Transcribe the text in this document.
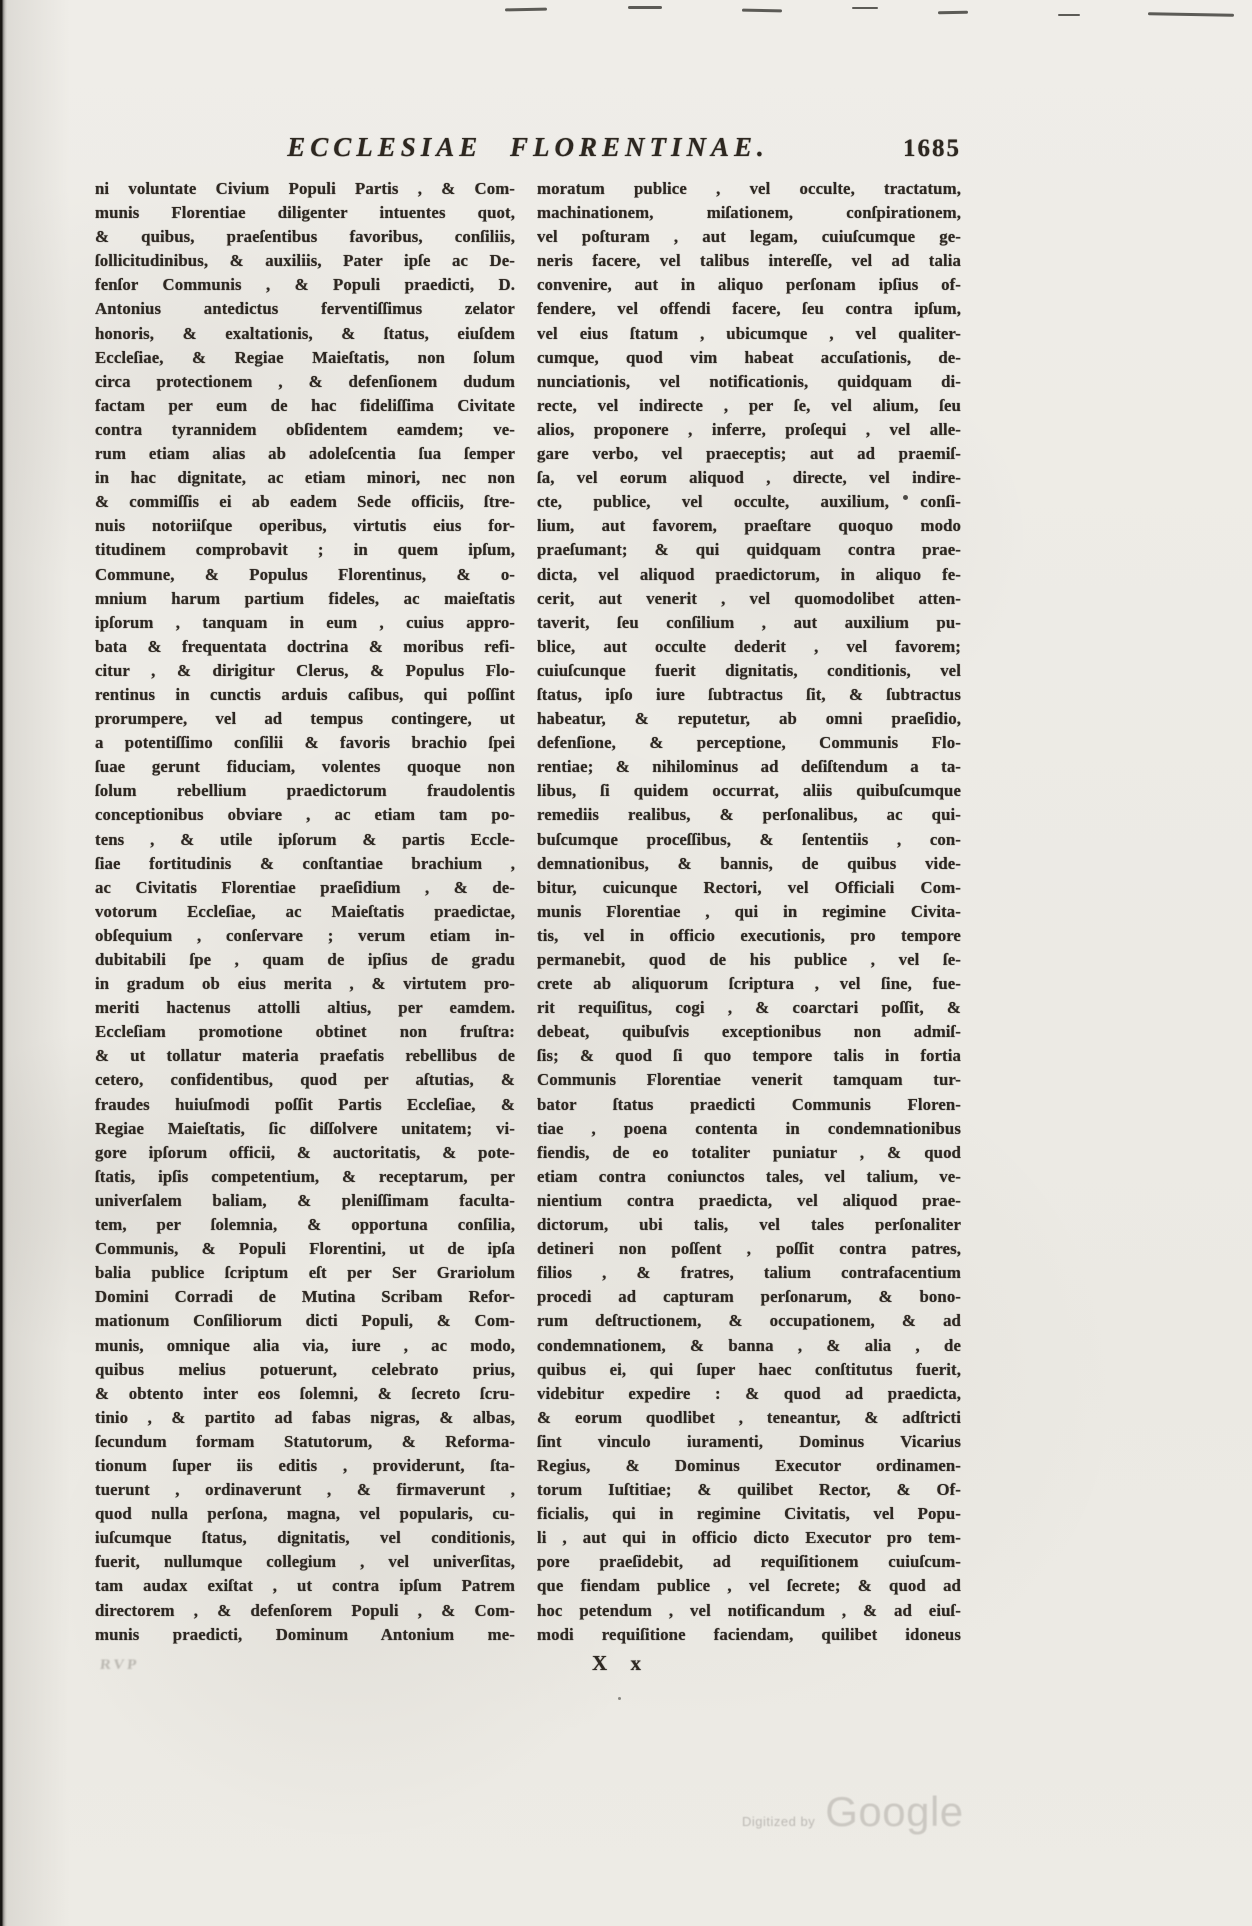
ECCLESIAE FLORENTINAE.	1685
ni voluntate Civium Populi Partis , & Com-
munis Florentiae diligenter intuentes quot,
& quibus, praeſentibus favoribus, conſiliis,
ſollicitudinibus, & auxiliis, Pater ipſe ac De-
fenſor Communis , & Populi praedicti, D.
Antonius antedictus ferventiſſimus zelator
honoris, & exaltationis, & ſtatus, eiuſdem
Eccleſiae, & Regiae Maieſtatis, non ſolum
circa protectionem , & defenſionem dudum
factam per eum de hac fideliſſima Civitate
contra tyrannidem obſidentem eamdem; ve-
rum etiam alias ab adoleſcentia ſua ſemper
in hac dignitate, ac etiam minori, nec non
& commiſſis ei ab eadem Sede officiis, ſtre-
nuis notoriiſque operibus, virtutis eius for-
titudinem comprobavit ; in quem ipſum,
Commune, & Populus Florentinus, & o-
mnium harum partium fideles, ac maieſtatis
ipſorum , tanquam in eum , cuius appro-
bata & frequentata doctrina & moribus refi-
citur , & dirigitur Clerus, & Populus Flo-
rentinus in cunctis arduis caſibus, qui poſſint
prorumpere, vel ad tempus contingere, ut
a potentiſſimo conſilii & favoris brachio ſpei
ſuae gerunt fiduciam, volentes quoque non
ſolum rebellium praedictorum fraudolentis
conceptionibus obviare , ac etiam tam po-
tens , & utile ipſorum & partis Eccle-
ſiae fortitudinis & conſtantiae brachium ,
ac Civitatis Florentiae praeſidium , & de-
votorum Eccleſiae, ac Maieſtatis praedictae,
obſequium , conſervare ; verum etiam in-
dubitabili ſpe , quam de ipſius de gradu
in gradum ob eius merita , & virtutem pro-
meriti hactenus attolli altius, per eamdem.
Eccleſiam promotione obtinet non fruſtra:
& ut tollatur materia praefatis rebellibus de
cetero, confidentibus, quod per aſtutias, &
fraudes huiuſmodi poſſit Partis Eccleſiae, &
Regiae Maieſtatis, ſic diſſolvere unitatem; vi-
gore ipſorum officii, & auctoritatis, & pote-
ſtatis, ipſis competentium, & receptarum, per
univerſalem baliam, & pleniſſimam faculta-
tem, per ſolemnia, & opportuna conſilia,
Communis, & Populi Florentini, ut de ipſa
balia publice ſcriptum eſt per Ser Grariolum
Domini Corradi de Mutina Scribam Refor-
mationum Conſiliorum dicti Populi, & Com-
munis, omnique alia via, iure , ac modo,
quibus melius potuerunt, celebrato prius,
& obtento inter eos ſolemni, & ſecreto ſcru-
tinio , & partito ad fabas nigras, & albas,
ſecundum formam Statutorum, & Reforma-
tionum ſuper iis editis , providerunt, ſta-
tuerunt , ordinaverunt , & firmaverunt ,
quod nulla perſona, magna, vel popularis, cu-
iuſcumque ſtatus, dignitatis, vel conditionis,
fuerit, nullumque collegium , vel univerſitas,
tam audax exiſtat , ut contra ipſum Patrem
directorem , & defenſorem Populi , & Com-
munis praedicti, Dominum Antonium me-
moratum publice , vel occulte, tractatum,
machinationem, miſationem, conſpirationem,
vel poſturam , aut legam, cuiuſcumque ge-
neris facere, vel talibus intereſſe, vel ad talia
convenire, aut in aliquo perſonam ipſius of-
fendere, vel offendi facere, ſeu contra ipſum,
vel eius ſtatum , ubicumque , vel qualiter-
cumque, quod vim habeat accuſationis, de-
nunciationis, vel notificationis, quidquam di-
recte, vel indirecte , per ſe, vel alium, ſeu
alios, proponere , inferre, proſequi , vel alle-
gare verbo, vel praeceptis; aut ad praemiſ-
ſa, vel eorum aliquod , directe, vel indire-
cte, publice, vel occulte, auxilium, conſi-
lium, aut favorem, praeſtare quoquo modo
praeſumant; & qui quidquam contra prae-
dicta, vel aliquod praedictorum, in aliquo fe-
cerit, aut venerit , vel quomodolibet atten-
taverit, ſeu conſilium , aut auxilium pu-
blice, aut occulte dederit , vel favorem;
cuiuſcunque fuerit dignitatis, conditionis, vel
ſtatus, ipſo iure ſubtractus ſit, & ſubtractus
habeatur, & reputetur, ab omni praeſidio,
defenſione, & perceptione, Communis Flo-
rentiae; & nihilominus ad deſiſtendum a ta-
libus, ſi quidem occurrat, aliis quibuſcumque
remediis realibus, & perſonalibus, ac qui-
buſcumque proceſſibus, & ſententiis , con-
demnationibus, & bannis, de quibus vide-
bitur, cuicunque Rectori, vel Officiali Com-
munis Florentiae , qui in regimine Civita-
tis, vel in officio executionis, pro tempore
permanebit, quod de his publice , vel ſe-
crete ab aliquorum ſcriptura , vel ſine, fue-
rit requiſitus, cogi , & coarctari poſſit, &
debeat, quibuſvis exceptionibus non admiſ-
ſis; & quod ſi quo tempore talis in fortia
Communis Florentiae venerit tamquam tur-
bator ſtatus praedicti Communis Floren-
tiae , poena contenta in condemnationibus
fiendis, de eo totaliter puniatur , & quod
etiam contra coniunctos tales, vel talium, ve-
nientium contra praedicta, vel aliquod prae-
dictorum, ubi talis, vel tales perſonaliter
detineri non poſſent , poſſit contra patres,
filios , & fratres, talium contrafacentium
procedi ad capturam perſonarum, & bono-
rum deſtructionem, & occupationem, & ad
condemnationem, & banna , & alia , de
quibus ei, qui ſuper haec conſtitutus fuerit,
videbitur expedire : & quod ad praedicta,
& eorum quodlibet , teneantur, & adſtricti
ſint vinculo iuramenti, Dominus Vicarius
Regius, & Dominus Executor ordinamen-
torum Iuſtitiae; & quilibet Rector, & Of-
ficialis, qui in regimine Civitatis, vel Popu-
li , aut qui in officio dicto Executor pro tem-
pore praeſidebit, ad requiſitionem cuiuſcum-
que fiendam publice , vel ſecrete; & quod ad
hoc petendum , vel notificandum , & ad eiuſ-
modi requiſitione faciendam, quilibet idoneus
X x
RVP
Digitized by Google
